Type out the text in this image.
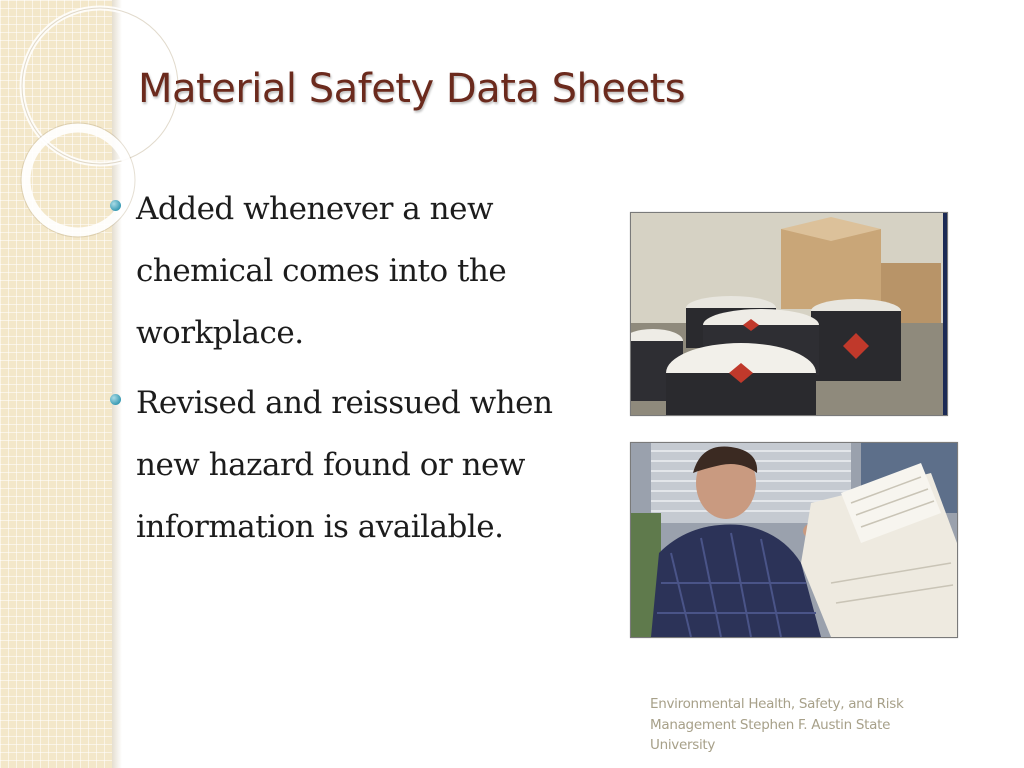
Material Safety Data Sheets
Added whenever a new chemical comes into the workplace.
Revised and reissued when new hazard found or new information is available.
Environmental Health, Safety, and Risk Management Stephen F. Austin State University
